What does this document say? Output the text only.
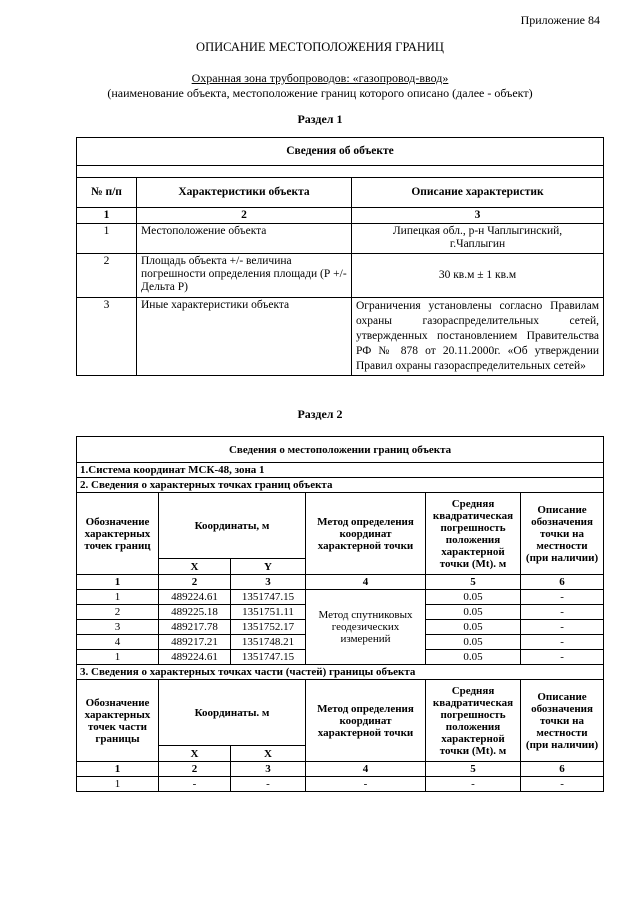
Приложение 84
ОПИСАНИЕ МЕСТОПОЛОЖЕНИЯ ГРАНИЦ
Охранная зона трубопроводов: «газопровод-ввод»
(наименование объекта, местоположение границ которого описано (далее - объект)
Раздел 1
Сведения об объекте		

№ п/п	Характеристики объекта	Описание характеристик
1	2	3
1	Местоположение объекта	Липецкая обл., р-н Чаплыгинский, г.Чаплыгин
2	Площадь объекта +/- величина погрешности определения площади (Р +/- Дельта Р)	30 кв.м ± 1 кв.м
3	Иные характеристики объекта	Ограничения установлены согласно Правилам охраны газораспределительных сетей, утвержденных постановлением Правительства РФ № 878 от 20.11.2000г. «Об утверждении Правил охраны газораспределительных сетей»
Раздел 2
Сведения о местоположении границ объекта					
1.Система координат МСК-48, зона 1					
2. Сведения о характерных точках границ объекта					
Обозначение характерных точек границ	Координаты, м		Метод определения координат характерной точки	Средняя квадратическая погрешность положения характерной точки (Mt). м	Описание обозначения точки на местности (при наличии)
	X	Y			
1	2	3	4	5	6
1	489224.61	1351747.15	Метод спутниковых геодезических измерений	0.05	-
2	489225.18	1351751.11		0.05	-
3	489217.78	1351752.17		0.05	-
4	489217.21	1351748.21		0.05	-
1	489224.61	1351747.15		0.05	-
3. Сведения о характерных точках части (частей) границы объекта					
Обозначение характерных точек части границы	Координаты. м		Метод определения координат характерной точки	Средняя квадратическая погрешность положения характерной точки (Mt). м	Описание обозначения точки на местности (при наличии)
	X	X			
1	2	3	4	5	6
1	-	-	-	-	-
